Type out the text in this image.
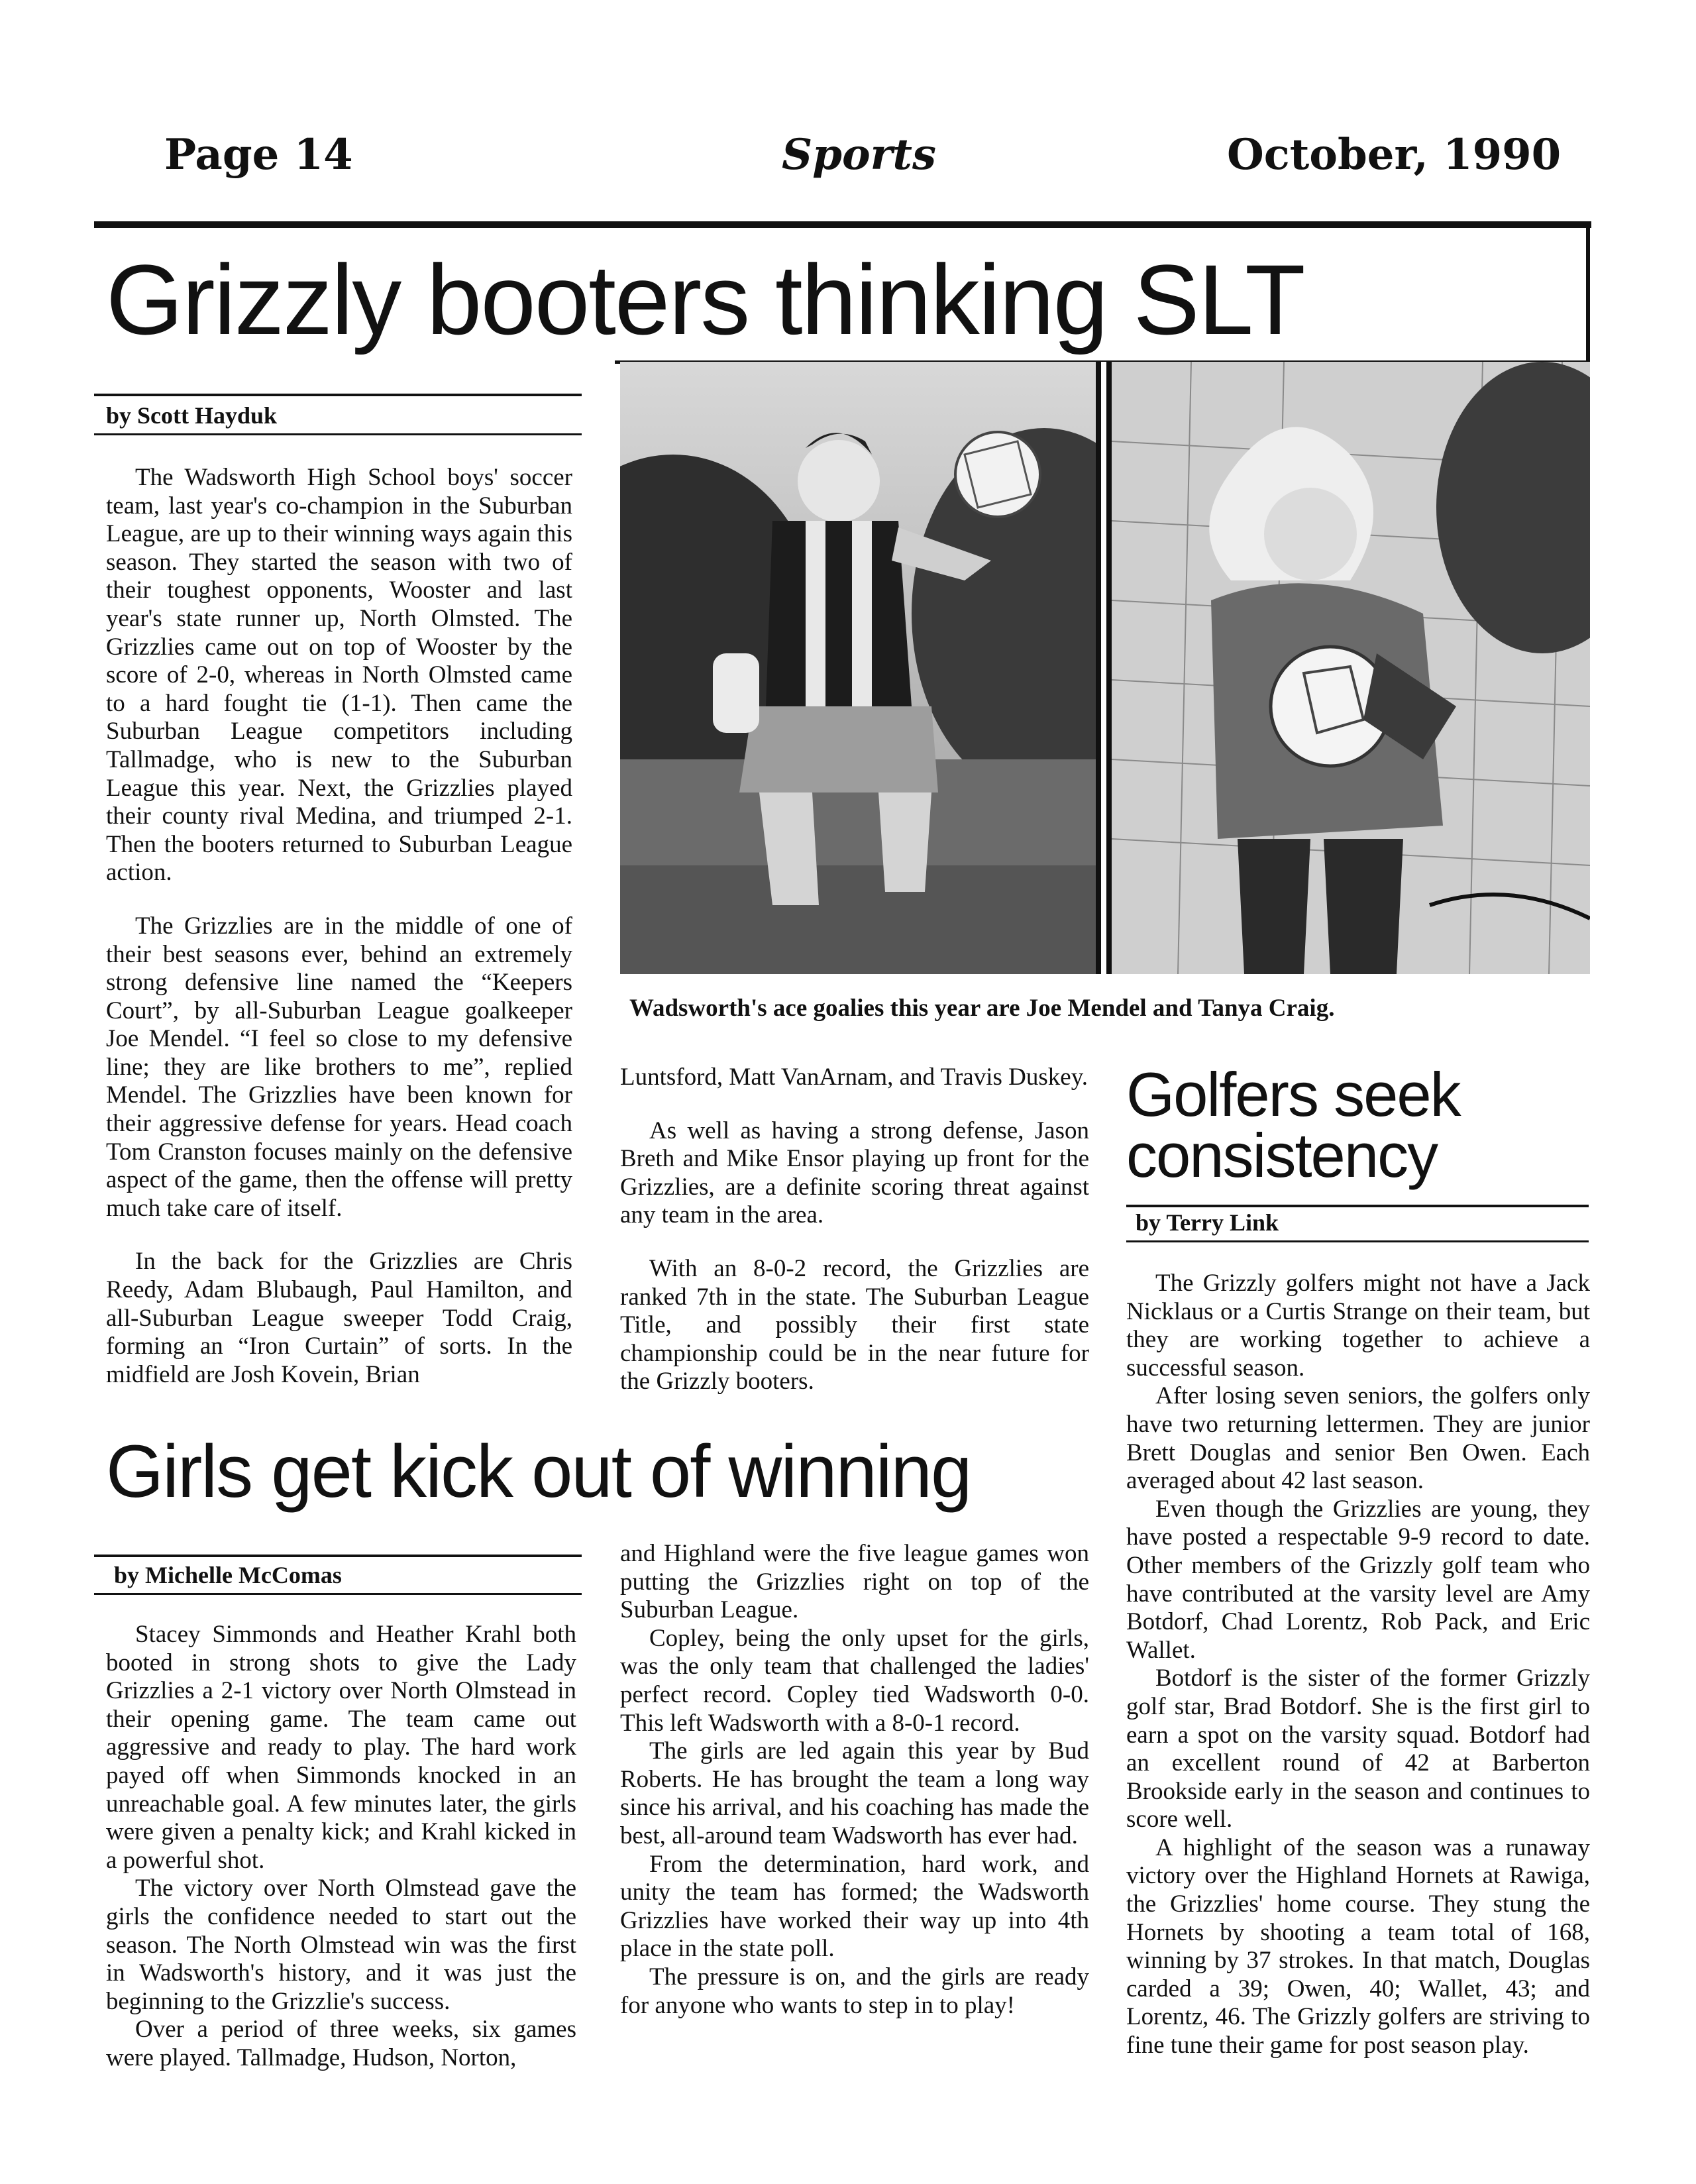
Page 14	Sports	October, 1990
Grizzly booters thinking SLT
by Scott Hayduk

The Wadsworth High School boys' soccer team, last year's co-champion in the Suburban League, are up to their winning ways again this season. They started the season with two of their toughest opponents, Wooster and last year's state runner up, North Olmsted. The Grizzlies came out on top of Wooster by the score of 2-0, whereas in North Olmsted came to a hard fought tie (1-1). Then came the Suburban League competitors including Tallmadge, who is new to the Suburban League this year. Next, the Grizzlies played their county rival Medina, and triumped 2-1. Then the booters returned to Suburban League action.

The Grizzlies are in the middle of one of their best seasons ever, behind an extremely strong defensive line named the “Keepers Court”, by all-Suburban League goalkeeper Joe Mendel. “I feel so close to my defensive line; they are like brothers to me”, replied Mendel. The Grizzlies have been known for their aggressive defense for years. Head coach Tom Cranston focuses mainly on the defensive aspect of the game, then the offense will pretty much take care of itself.

In the back for the Grizzlies are Chris Reedy, Adam Blubaugh, Paul Hamilton, and all-Suburban League sweeper Todd Craig, forming an “Iron Curtain” of sorts. In the midfield are Josh Kovein, Brian

Wadsworth's ace goalies this year are Joe Mendel and Tanya Craig.

Luntsford, Matt VanArnam, and Travis Duskey.

As well as having a strong defense, Jason Breth and Mike Ensor playing up front for the Grizzlies, are a definite scoring threat against any team in the area.

With an 8-0-2 record, the Grizzlies are ranked 7th in the state. The Suburban League Title, and possibly their first state championship could be in the near future for the Grizzly booters.

Golfers seek
consistency
by Terry Link

The Grizzly golfers might not have a Jack Nicklaus or a Curtis Strange on their team, but they are working together to achieve a successful season.

After losing seven seniors, the golfers only have two returning lettermen. They are junior Brett Douglas and senior Ben Owen. Each averaged about 42 last season.

Even though the Grizzlies are young, they have posted a respectable 9-9 record to date. Other members of the Grizzly golf team who have contributed at the varsity level are Amy Botdorf, Chad Lorentz, Rob Pack, and Eric Wallet.

Botdorf is the sister of the former Grizzly golf star, Brad Botdorf. She is the first girl to earn a spot on the varsity squad. Botdorf had an excellent round of 42 at Barberton Brookside early in the season and continues to score well.

A highlight of the season was a runaway victory over the Highland Hornets at Rawiga, the Grizzlies' home course. They stung the Hornets by shooting a team total of 168, winning by 37 strokes. In that match, Douglas carded a 39; Owen, 40; Wallet, 43; and Lorentz, 46. The Grizzly golfers are striving to fine tune their game for post season play.

Girls get kick out of winning
by Michelle McComas

Stacey Simmonds and Heather Krahl both booted in strong shots to give the Lady Grizzlies a 2-1 victory over North Olmstead in their opening game. The team came out aggressive and ready to play. The hard work payed off when Simmonds knocked in an unreachable goal. A few minutes later, the girls were given a penalty kick; and Krahl kicked in a powerful shot.

The victory over North Olmstead gave the girls the confidence needed to start out the season. The North Olmstead win was the first in Wadsworth's history, and it was just the beginning to the Grizzlie's success.

Over a period of three weeks, six games were played. Tallmadge, Hudson, Norton,

and Highland were the five league games won putting the Grizzlies right on top of the Suburban League.

Copley, being the only upset for the girls, was the only team that challenged the ladies' perfect record. Copley tied Wadsworth 0-0. This left Wadsworth with a 8-0-1 record.

The girls are led again this year by Bud Roberts. He has brought the team a long way since his arrival, and his coaching has made the best, all-around team Wadsworth has ever had.

From the determination, hard work, and unity the team has formed; the Wadsworth Grizzlies have worked their way up into 4th place in the state poll.

The pressure is on, and the girls are ready for anyone who wants to step in to play!
